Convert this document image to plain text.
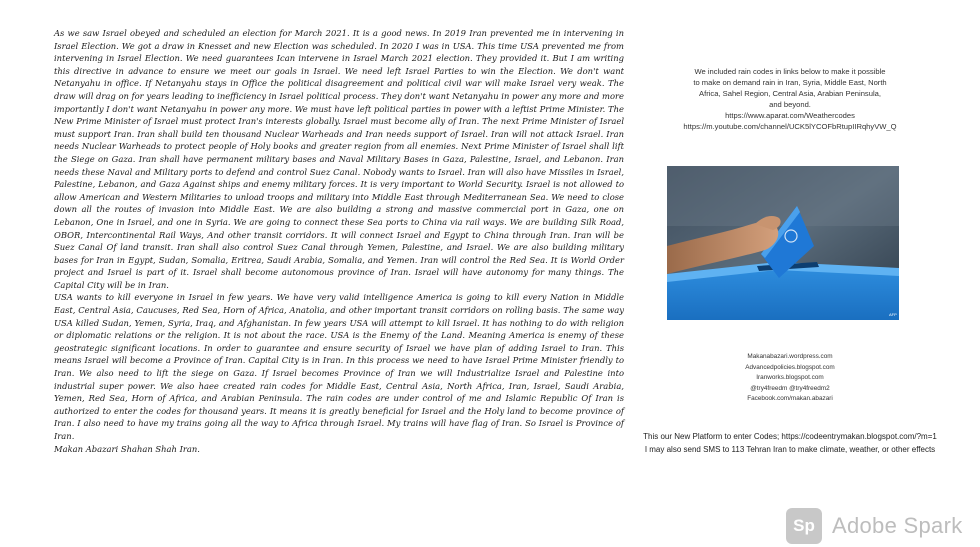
As we saw Israel obeyed and scheduled an election for March 2021. It is a good news. In 2019 Iran prevented me in intervening in Israel Election. We got a draw in Knesset and new Election was scheduled. In 2020 I was in USA. This time USA prevented me from intervening in Israel Election. We need guarantees Ican intervene in Israel March 2021 election. They provided it. But I am writing this directive in advance to ensure we meet our goals in Israel. We need left Israel Parties to win the Election. We don't want Netanyahu in office. If Netanyahu stays in Office the political disagreement and political civil war will make Israel very weak. The draw will drag on for years leading to inefficiency in Israel political process. They don't want Netanyahu in power any more and more importantly I don't want Netanyahu in power any more. We must have left political parties in power with a leftist Prime Minister. The New Prime Minister of Israel must protect Iran's interests globally. Israel must become ally of Iran. The next Prime Minister of Israel must support Iran. Iran shall build ten thousand Nuclear Warheads and Iran needs support of Israel. Iran will not attack Israel. Iran needs Nuclear Warheads to protect people of Holy books and greater region from all enemies. Next Prime Minister of Israel shall lift the Siege on Gaza. Iran shall have permanent military bases and Naval Military Bases in Gaza, Palestine, Israel, and Lebanon. Iran needs these Naval and Military ports to defend and control Suez Canal. Nobody wants to Israel. Iran will also have Missiles in Israel, Palestine, Lebanon, and Gaza Against ships and enemy military forces. It is very important to World Security. Israel is not allowed to allow American and Western Militaries to unload troops and military into Middle East through Mediterranean Sea. We need to close down all the routes of invasion into Middle East. We are also building a strong and massive commercial port in Gaza, one on Lebanon, One in Israel, and one in Syria. We are going to connect these Sea ports to China via rail ways. We are building Silk Road, OBOR, Intercontinental Rail Ways, And other transit corridors. It will connect Israel and Egypt to China through Iran. Iran will be Suez Canal Of land transit. Iran shall also control Suez Canal through Yemen, Palestine, and Israel. We are also building military bases for Iran in Egypt, Sudan, Somalia, Eritrea, Saudi Arabia, Somalia, and Yemen. Iran will control the Red Sea. It is World Order project and Israel is part of it. Israel shall become autonomous province of Iran. Israel will have autonomy for many things. The Capital City will be in Iran.

USA wants to kill everyone in Israel in few years. We have very valid intelligence America is going to kill every Nation in Middle East, Central Asia, Caucuses, Red Sea, Horn of Africa, Anatolia, and other important transit corridors on rolling basis. The same way USA killed Sudan, Yemen, Syria, Iraq, and Afghanistan. In few years USA will attempt to kill Israel. It has nothing to do with religion or diplomatic relations or the religion. It is not about the race. USA is the Enemy of the Land. Meaning America is enemy of these geostrategic significant locations. In order to guarantee and ensure security of Israel we have plan of adding Israel to Iran. This means Israel will become a Province of Iran. Capital City is in Iran. In this process we need to have Israel Prime Minister friendly to Iran. We also need to lift the siege on Gaza. If Israel becomes Province of Iran we will Industrialize Israel and Palestine into industrial super power. We also haee created rain codes for Middle East, Central Asia, North Africa, Iran, Israel, Saudi Arabia, Yemen, Red Sea, Horn of Africa, and Arabian Peninsula. The rain codes are under control of me and Islamic Republic Of Iran is authorized to enter the codes for thousand years. It means it is greatly beneficial for Israel and the Holy land to become province of Iran. I also need to have my trains going all the way to Africa through Israel. My trains will have flag of Iran. So Israel is Province of Iran.

Makan Abazari Shahan Shah Iran.

We included rain codes in links below to make it possible
to make on demand rain in Iran, Syria, Middle East, North
Africa, Sahel Region, Central Asia, Arabian Peninsula,
and beyond.
https://www.aparat.com/Weathercodes
https://m.youtube.com/channel/UCK5lYCOFbRtupIIRqhyVW_Q
AFP
Makanabazari.wordpress.com
Advancedpolicies.blogspot.com
Iranworks.blogspot.com
@try4freedm @try4freedm2
Facebook.com/makan.abazari
This our New Platform to enter Codes; https://codeentrymakan.blogspot.com/?m=1
I may also send SMS to 113 Tehran Iran to make climate, weather, or other effects
Sp Adobe Spark
